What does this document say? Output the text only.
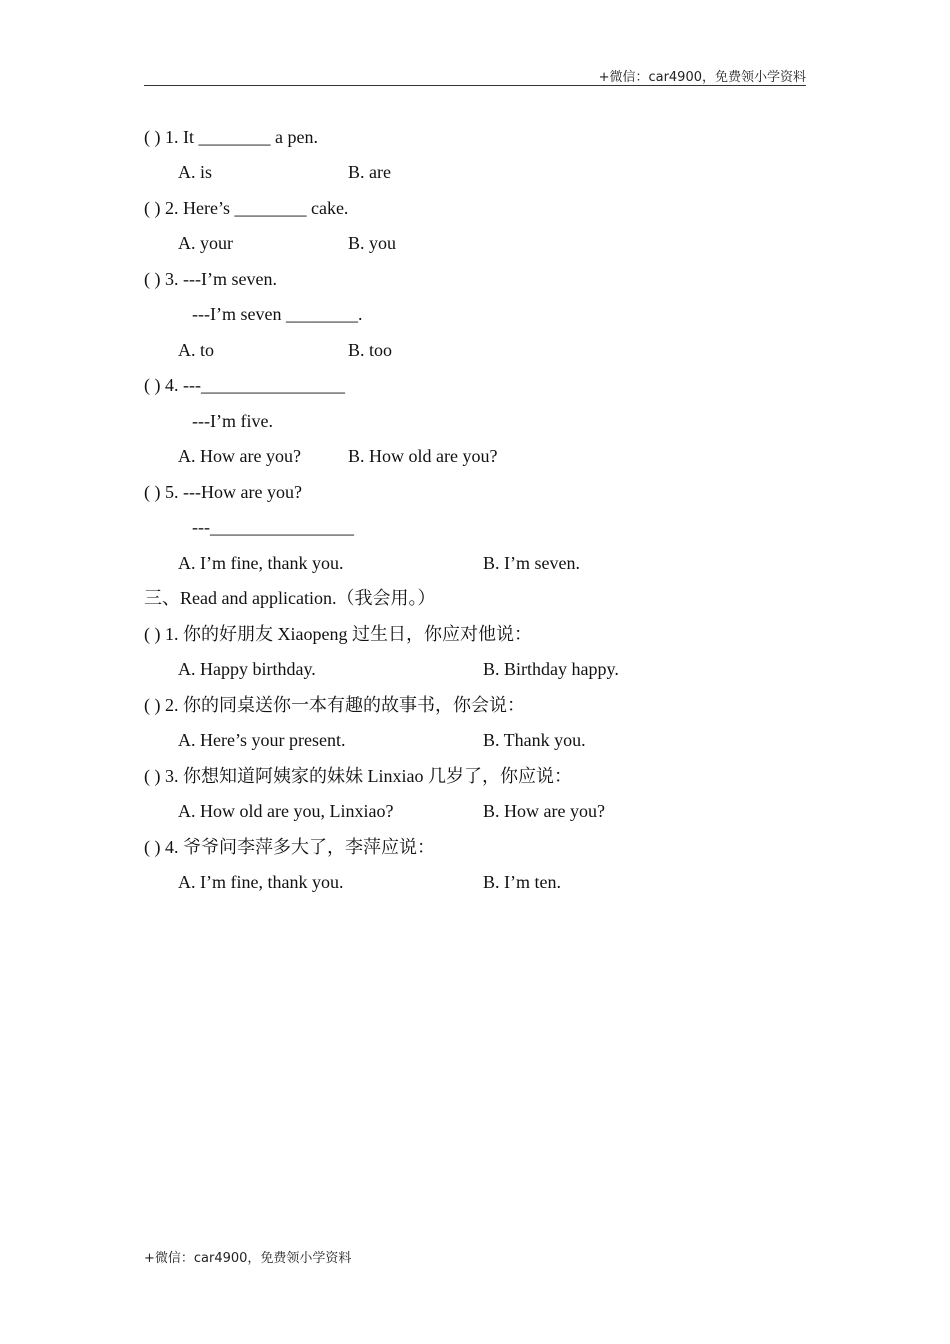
+微信：car4900，免费领小学资料
( ) 1. It ________ a pen.
A. is	B. are
( ) 2. Here’s ________ cake.
A. your	B. you
( ) 3. ---I’m seven.
---I’m seven ________.
A. to	B. too
( ) 4. ---________________
---I’m five.
A. How are you?	B. How old are you?
( ) 5. ---How are you?
---________________
A. I’m fine, thank you.	B. I’m seven.
三、Read and application.（我会用。）
( ) 1. 你的好朋友 Xiaopeng 过生日，你应对他说：
A. Happy birthday.	B. Birthday happy.
( ) 2. 你的同桌送你一本有趣的故事书，你会说：
A. Here’s your present.	B. Thank you.
( ) 3. 你想知道阿姨家的妹妹 Linxiao 几岁了，你应说：
A. How old are you, Linxiao?	B. How are you?
( ) 4. 爷爷问李萍多大了，李萍应说：
A. I’m fine, thank you.	B. I’m ten.
+微信：car4900，免费领小学资料
